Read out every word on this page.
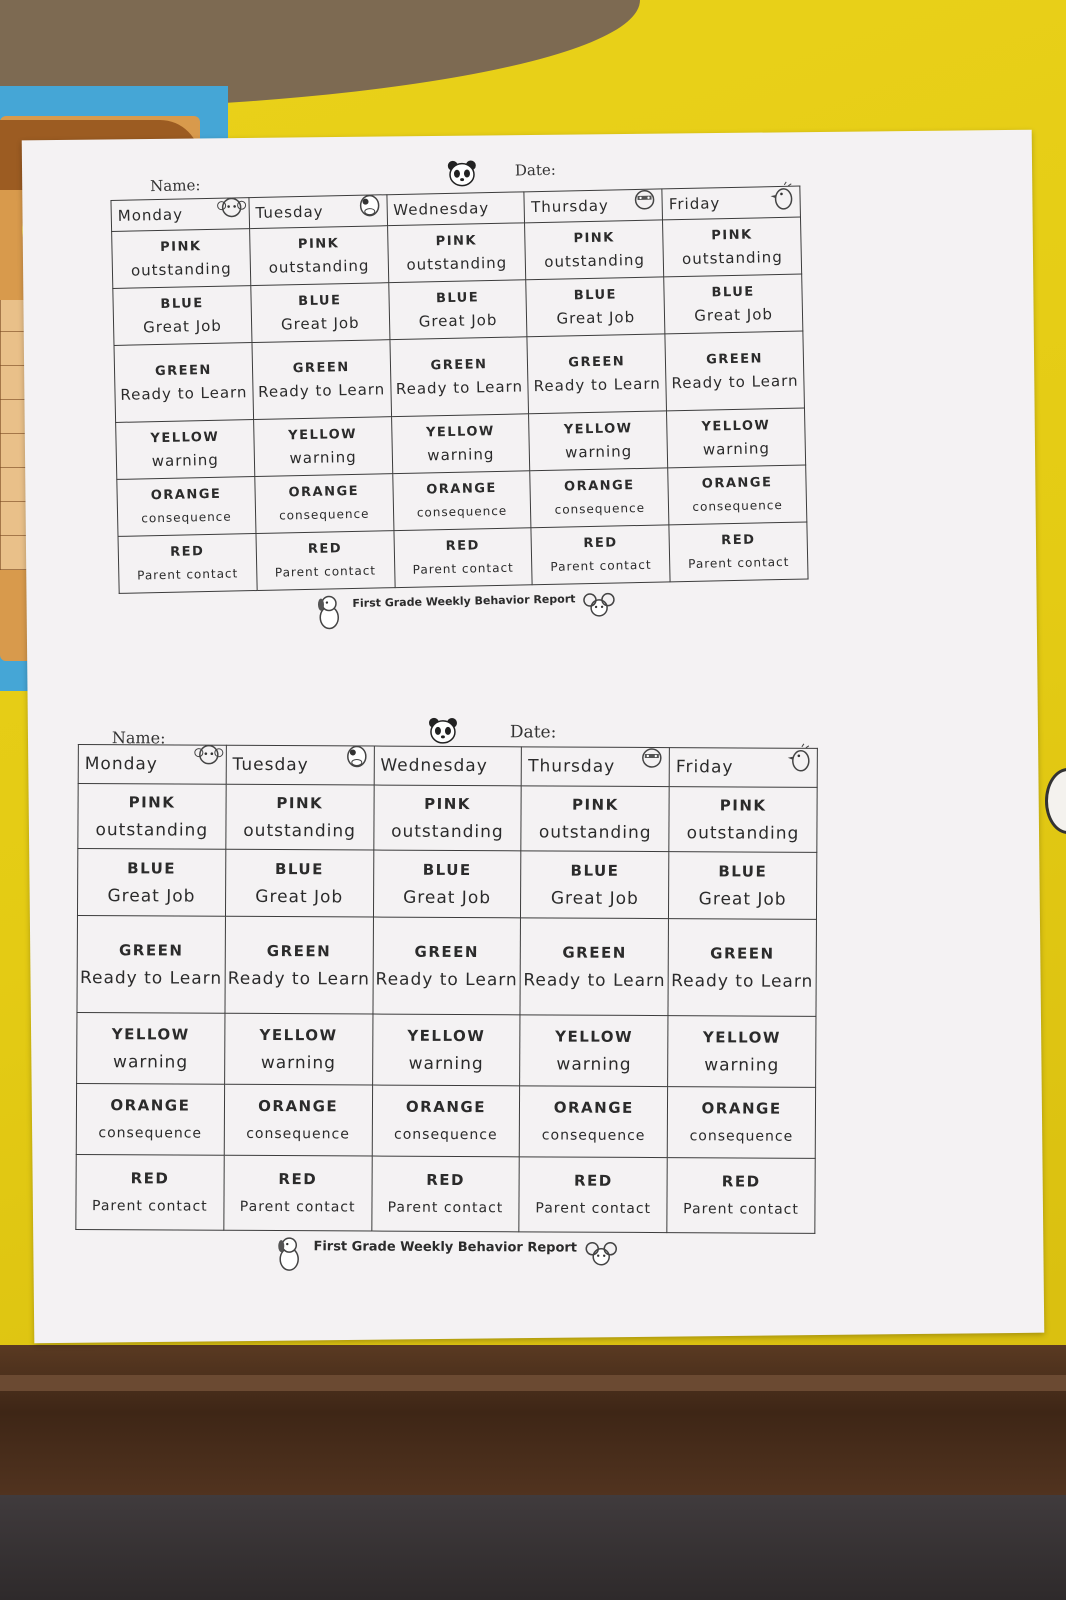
Name:
Date:
Monday	Tuesday	Wednesday	Thursday	Friday

PINK
outstanding	PINK
outstanding	PINK
outstanding	PINK
outstanding	PINK
outstanding

BLUE
Great Job	BLUE
Great Job	BLUE
Great Job	BLUE
Great Job	BLUE
Great Job

GREEN
Ready to Learn	GREEN
Ready to Learn	GREEN
Ready to Learn	GREEN
Ready to Learn	GREEN
Ready to Learn

YELLOW
warning	YELLOW
warning	YELLOW
warning	YELLOW
warning	YELLOW
warning

ORANGE
consequence	ORANGE
consequence	ORANGE
consequence	ORANGE
consequence	ORANGE
consequence

RED
Parent contact	RED
Parent contact	RED
Parent contact	RED
Parent contact	RED
Parent contact
First Grade Weekly Behavior Report
Name:	Date:
Monday	Tuesday	Wednesday	Thursday	Friday

PINK
outstanding	PINK
outstanding	PINK
outstanding	PINK
outstanding	PINK
outstanding

BLUE
Great Job	BLUE
Great Job	BLUE
Great Job	BLUE
Great Job	BLUE
Great Job

GREEN
Ready to Learn	GREEN
Ready to Learn	GREEN
Ready to Learn	GREEN
Ready to Learn	GREEN
Ready to Learn

YELLOW
warning	YELLOW
warning	YELLOW
warning	YELLOW
warning	YELLOW
warning

ORANGE
consequence	ORANGE
consequence	ORANGE
consequence	ORANGE
consequence	ORANGE
consequence

RED
Parent contact	RED
Parent contact	RED
Parent contact	RED
Parent contact	RED
Parent contact
First Grade Weekly Behavior Report
